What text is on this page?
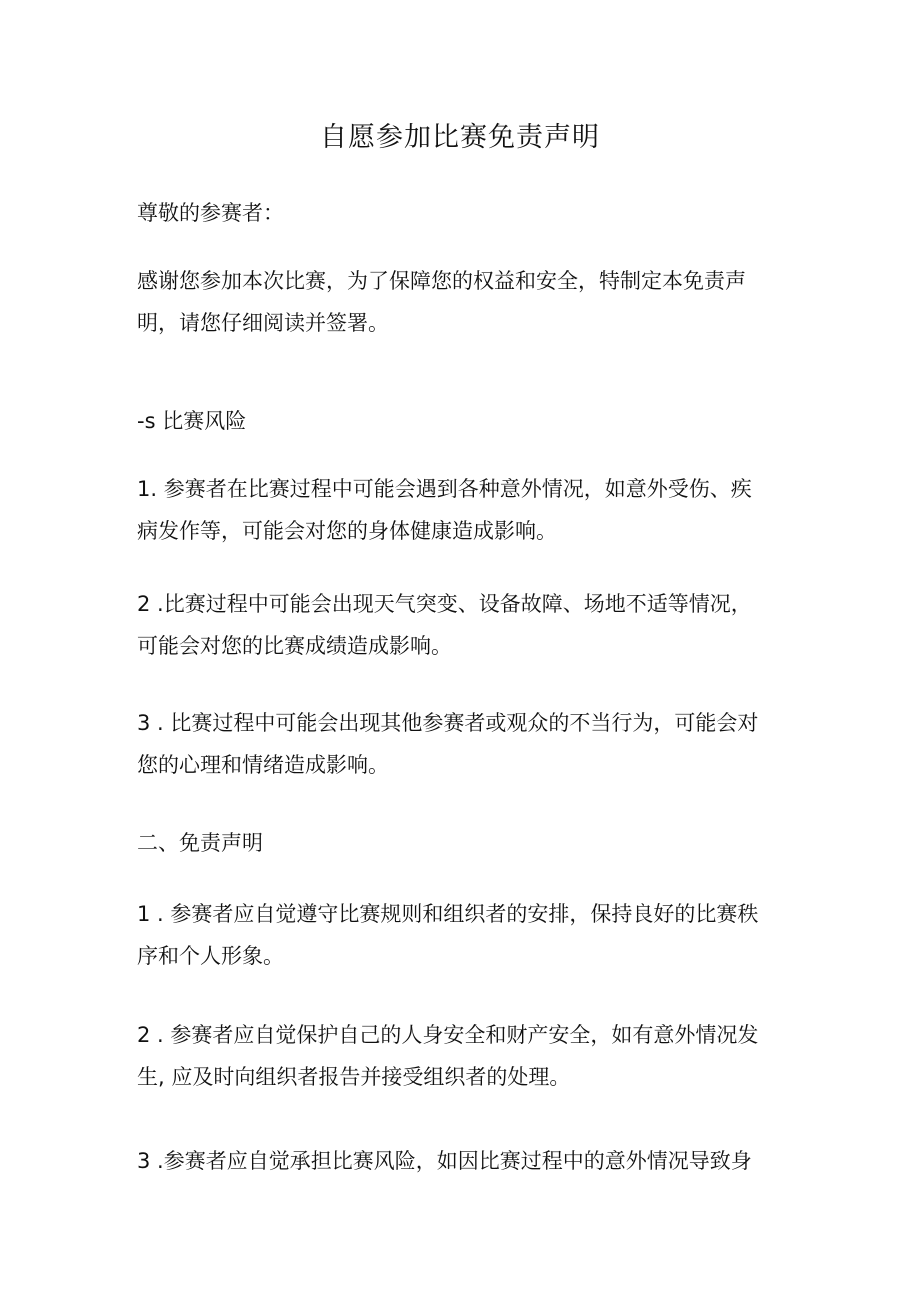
自愿参加比赛免责声明

尊敬的参赛者：

感谢您参加本次比赛，为了保障您的权益和安全，特制定本免责声
明，请您仔细阅读并签署。

-s 比赛风险

1. 参赛者在比赛过程中可能会遇到各种意外情况，如意外受伤、疾
病发作等，可能会对您的身体健康造成影响。

2 .比赛过程中可能会出现天气突变、设备故障、场地不适等情况，
可能会对您的比赛成绩造成影响。

3 . 比赛过程中可能会出现其他参赛者或观众的不当行为，可能会对
您的心理和情绪造成影响。

二、免责声明

1 . 参赛者应自觉遵守比赛规则和组织者的安排，保持良好的比赛秩
序和个人形象。

2 . 参赛者应自觉保护自己的人身安全和财产安全，如有意外情况发
生, 应及时向组织者报告并接受组织者的处理。

3 .参赛者应自觉承担比赛风险，如因比赛过程中的意外情况导致身
